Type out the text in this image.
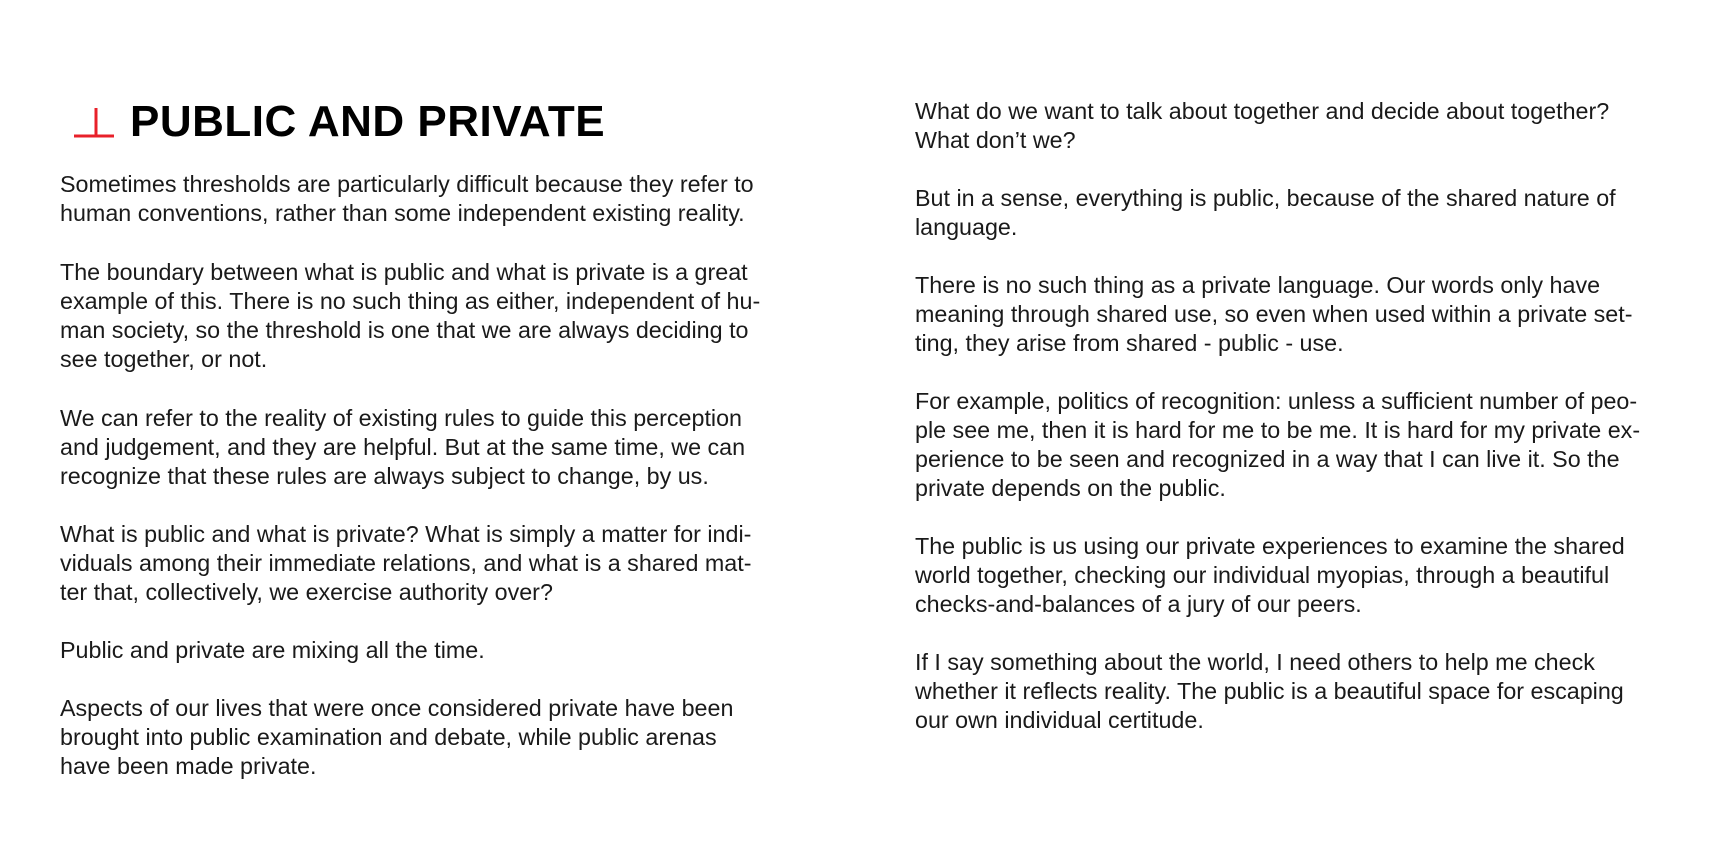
PUBLIC AND PRIVATE

Sometimes thresholds are particularly difficult because they refer to
human conventions, rather than some independent existing reality.

The boundary between what is public and what is private is a great
example of this. There is no such thing as either, independent of hu-
man society, so the threshold is one that we are always deciding to
see together, or not.

We can refer to the reality of existing rules to guide this perception
and judgement, and they are helpful. But at the same time, we can
recognize that these rules are always subject to change, by us.

What is public and what is private? What is simply a matter for indi-
viduals among their immediate relations, and what is a shared mat-
ter that, collectively, we exercise authority over?

Public and private are mixing all the time.

Aspects of our lives that were once considered private have been
brought into public examination and debate, while public arenas
have been made private.

What do we want to talk about together and decide about together?
What don’t we?

But in a sense, everything is public, because of the shared nature of
language.

There is no such thing as a private language. Our words only have
meaning through shared use, so even when used within a private set-
ting, they arise from shared - public - use.

For example, politics of recognition: unless a sufficient number of peo-
ple see me, then it is hard for me to be me. It is hard for my private ex-
perience to be seen and recognized in a way that I can live it. So the
private depends on the public.

The public is us using our private experiences to examine the shared
world together, checking our individual myopias, through a beautiful
checks-and-balances of a jury of our peers.

If I say something about the world, I need others to help me check
whether it reflects reality. The public is a beautiful space for escaping
our own individual certitude.
